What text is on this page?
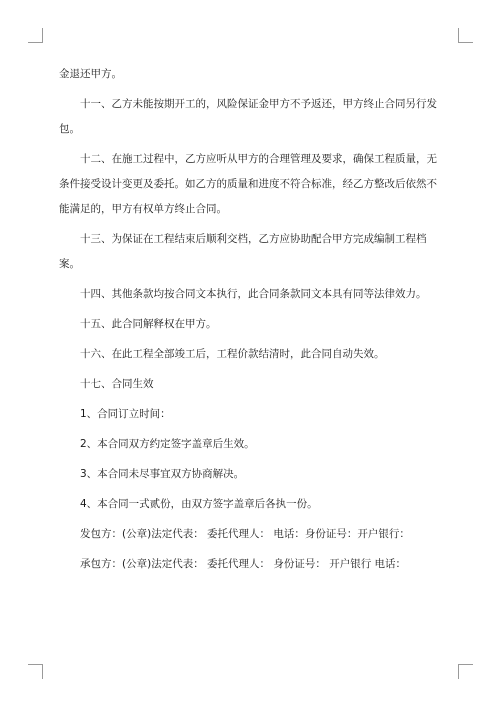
金退还甲方。

十一、乙方未能按期开工的，风险保证金甲方不予返还，甲方终止合同另行发包。

十二、在施工过程中，乙方应听从甲方的合理管理及要求，确保工程质量，无条件接受设计变更及委托。如乙方的质量和进度不符合标准，经乙方整改后依然不能满足的，甲方有权单方终止合同。

十三、为保证在工程结束后顺利交档，乙方应协助配合甲方完成编制工程档案。

十四、其他条款均按合同文本执行，此合同条款同文本具有同等法律效力。

十五、此合同解释权在甲方。

十六、在此工程全部竣工后，工程价款结清时，此合同自动失效。

十七、合同生效

1、合同订立时间：

2、本合同双方约定签字盖章后生效。

3、本合同未尽事宜双方协商解决。

4、本合同一式贰份，由双方签字盖章后各执一份。

发包方：(公章)法定代表： 委托代理人： 电话：身份证号：开户银行：

承包方：(公章)法定代表： 委托代理人： 身份证号： 开户银行 电话：
